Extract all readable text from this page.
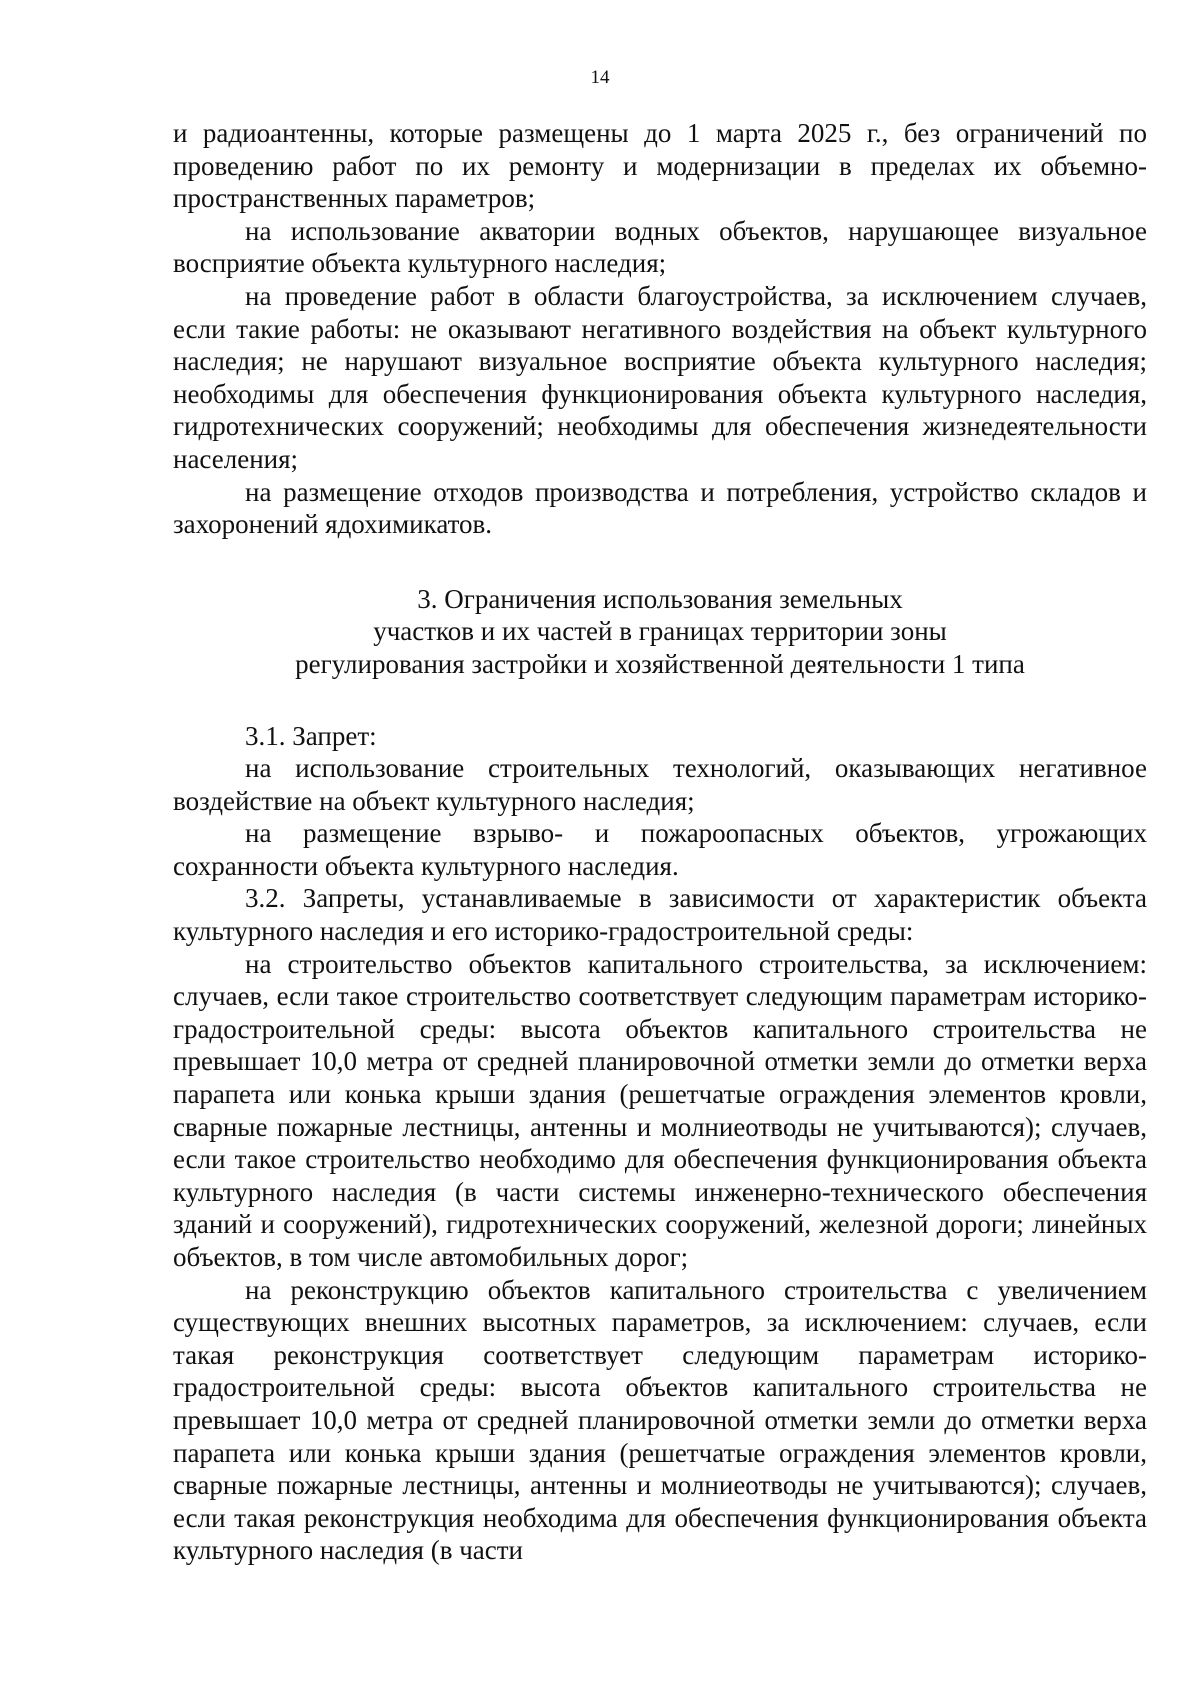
14

и радиоантенны, которые размещены до 1 марта 2025 г., без ограничений по проведению работ по их ремонту и модернизации в пределах их объемно-пространственных параметров;

на использование акватории водных объектов, нарушающее визуальное восприятие объекта культурного наследия;

на проведение работ в области благоустройства, за исключением случаев, если такие работы: не оказывают негативного воздействия на объект культурного наследия; не нарушают визуальное восприятие объекта культурного наследия; необходимы для обеспечения функционирования объекта культурного наследия, гидротехнических сооружений; необходимы для обеспечения жизнедеятельности населения;

на размещение отходов производства и потребления, устройство складов и захоронений ядохимикатов.

3. Ограничения использования земельных
участков и их частей в границах территории зоны
регулирования застройки и хозяйственной деятельности 1 типа

3.1. Запрет:

на использование строительных технологий, оказывающих негативное воздействие на объект культурного наследия;

на размещение взрыво- и пожароопасных объектов, угрожающих сохранности объекта культурного наследия.

3.2. Запреты, устанавливаемые в зависимости от характеристик объекта культурного наследия и его историко-градостроительной среды:

на строительство объектов капитального строительства, за исключением: случаев, если такое строительство соответствует следующим параметрам историко-градостроительной среды: высота объектов капитального строительства не превышает 10,0 метра от средней планировочной отметки земли до отметки верха парапета или конька крыши здания (решетчатые ограждения элементов кровли, сварные пожарные лестницы, антенны и молниеотводы не учитываются); случаев, если такое строительство необходимо для обеспечения функционирования объекта культурного наследия (в части системы инженерно-технического обеспечения зданий и сооружений), гидротехнических сооружений, железной дороги; линейных объектов, в том числе автомобильных дорог;

на реконструкцию объектов капитального строительства с увеличением существующих внешних высотных параметров, за исключением: случаев, если такая реконструкция соответствует следующим параметрам историко-градостроительной среды: высота объектов капитального строительства не превышает 10,0 метра от средней планировочной отметки земли до отметки верха парапета или конька крыши здания (решетчатые ограждения элементов кровли, сварные пожарные лестницы, антенны и молниеотводы не учитываются); случаев, если такая реконструкция необходима для обеспечения функционирования объекта культурного наследия (в части
